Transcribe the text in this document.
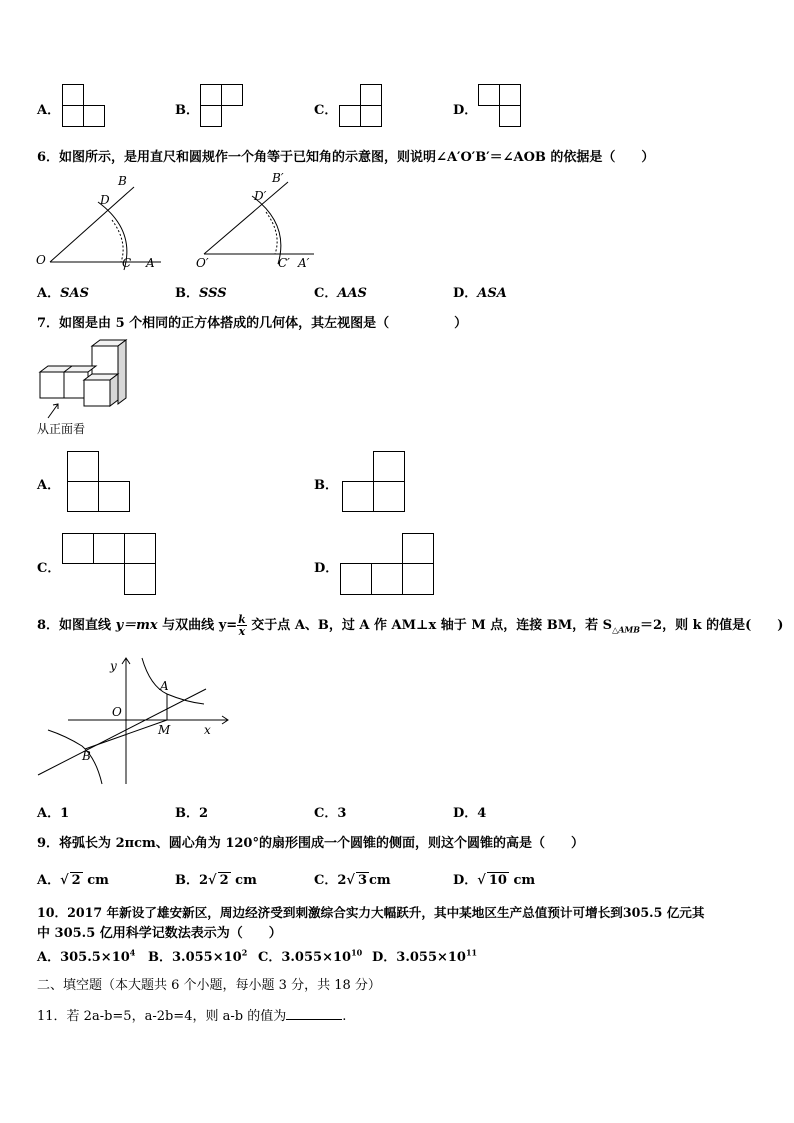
A．	B．	C．	D．
6．如图所示，是用直尺和圆规作一个角等于已知角的示意图，则说明∠A′O′B′＝∠AOB 的依据是（　　）
B
D
O	C A
B′
D′
O′	C′ A′
A．SAS	B．SSS	C．AAS	D．ASA
7．如图是由 5 个相同的正方体搭成的几何体，其左视图是（　　　　　）
从正面看
A．	B．
C．	D．
8．如图直线 y＝mx 与双曲线 $y= \frac{k}{x}$ 交于点 A、B，过 A 作 AM⊥x 轴于 M 点，连接 BM，若 $S_{\triangle AMB}=2$，则 k 的值是(　　)
y
x
O
A
M
B
A．1	B．2	C．3	D．4
9．将弧长为 2πcm、圆心角为 120°的扇形围成一个圆锥的侧面，则这个圆锥的高是（　　）
A．√ 2 cm	B．2√ 2 cm	C．2√ 3 cm	D．√ 10 cm
10．2017 年新设了雄安新区，周边经济受到刺激综合实力大幅跃升，其中某地区生产总值预计可增长到305.5 亿元其
中 305.5 亿用科学记数法表示为（　　）
A．$305.5\times 10^4$ B．$3.055\times 10^2$ C．$3.055\times 10^{10}$ D．$3.055\times 10^{11}$
二、填空题（本大题共 6 个小题，每小题 3 分，共 18 分）
11．若 2a-b=5，a-2b=4，则 a-b 的值为	.
